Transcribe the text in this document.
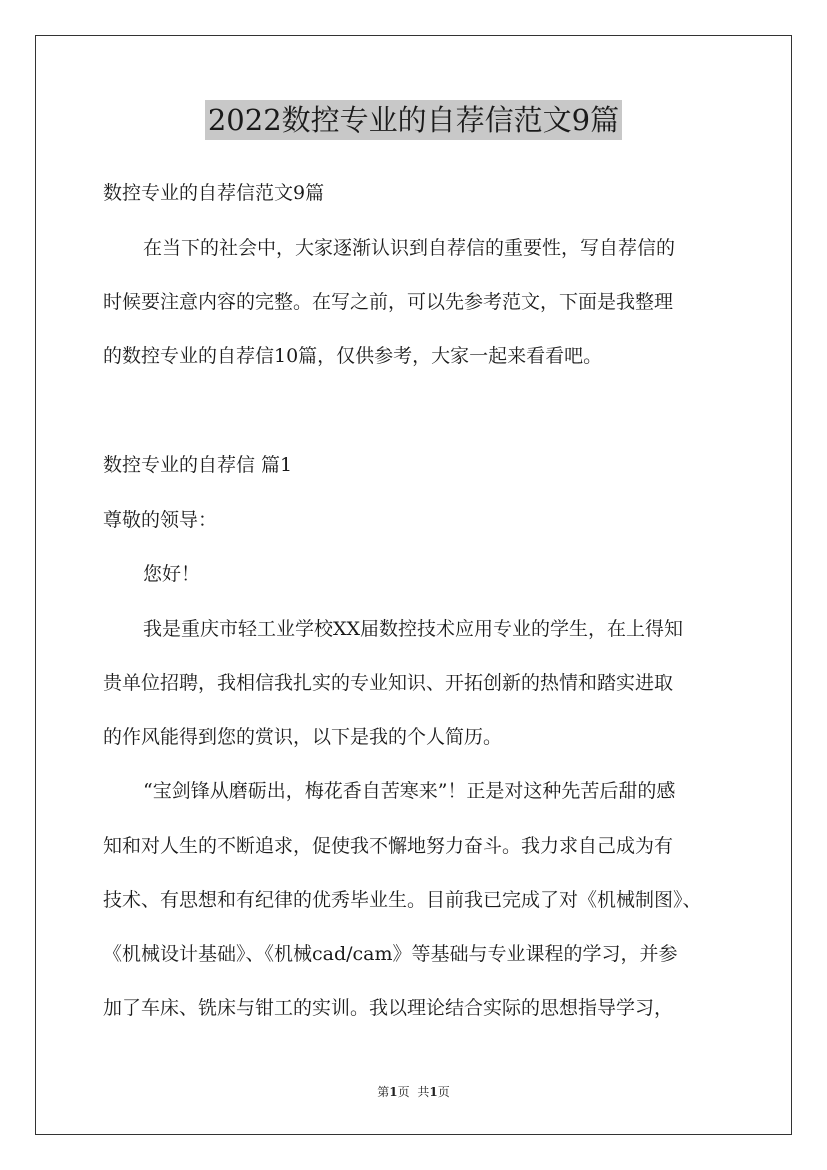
2022数控专业的自荐信范文9篇
数控专业的自荐信范文9篇
在当下的社会中，大家逐渐认识到自荐信的重要性，写自荐信的
时候要注意内容的完整。在写之前，可以先参考范文，下面是我整理
的数控专业的自荐信10篇，仅供参考，大家一起来看看吧。
数控专业的自荐信 篇1
尊敬的领导：
您好！
我是重庆市轻工业学校XX届数控技术应用专业的学生，在上得知
贵单位招聘，我相信我扎实的专业知识、开拓创新的热情和踏实进取
的作风能得到您的赏识，以下是我的个人简历。
“宝剑锋从磨砺出，梅花香自苦寒来”！正是对这种先苦后甜的感
知和对人生的不断追求，促使我不懈地努力奋斗。我力求自己成为有
技术、有思想和有纪律的优秀毕业生。目前我已完成了对《机械制图》、
《机械设计基础》、《机械cad/cam》等基础与专业课程的学习，并参
加了车床、铣床与钳工的实训。我以理论结合实际的思想指导学习，
第1页 共1页
